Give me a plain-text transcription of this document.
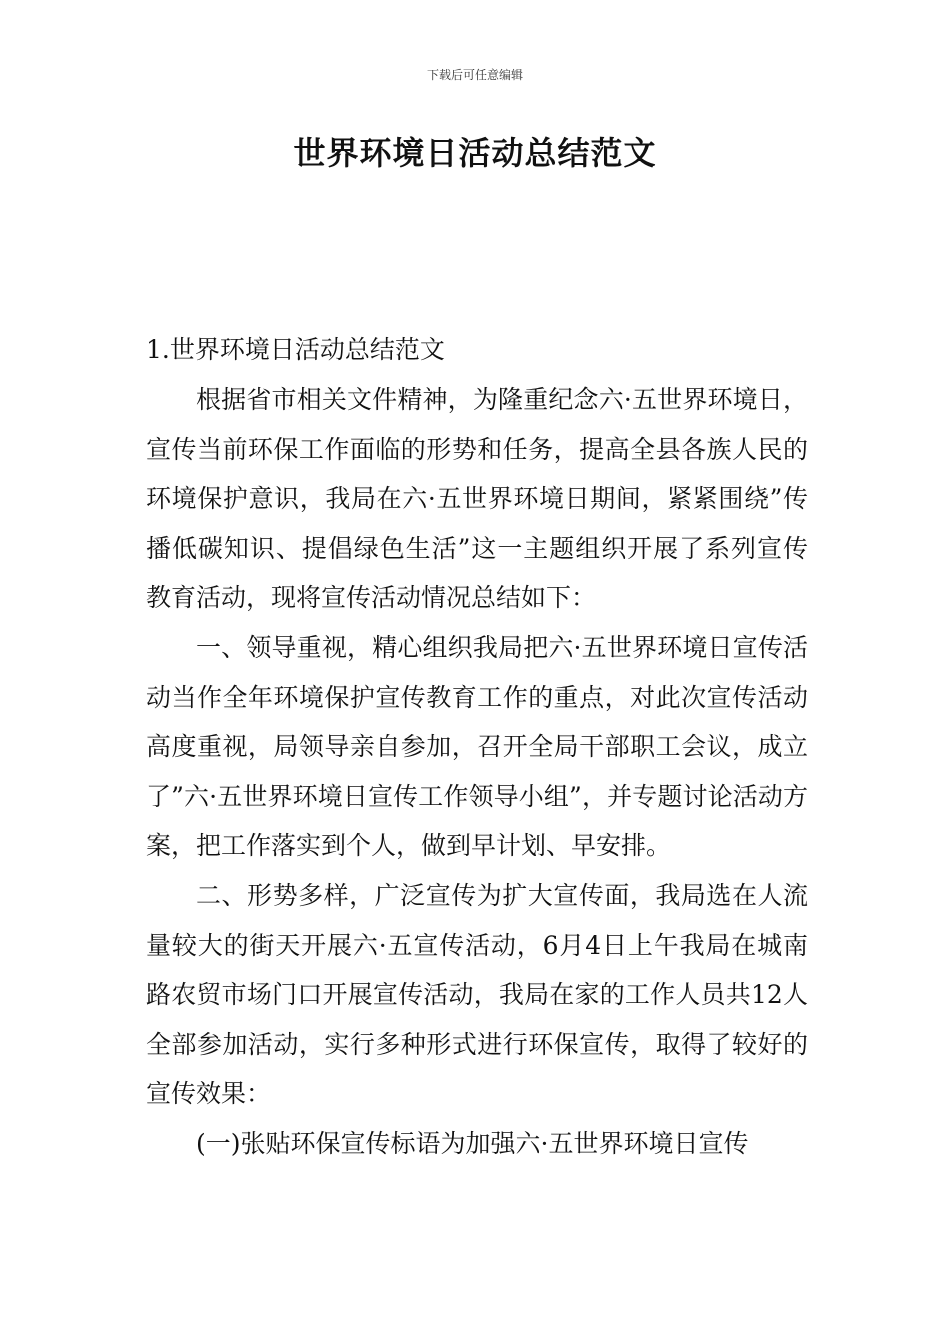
下载后可任意编辑
世界环境日活动总结范文

1.世界环境日活动总结范文

根据省市相关文件精神，为隆重纪念六·五世界环境日，宣传当前环保工作面临的形势和任务，提高全县各族人民的环境保护意识，我局在六·五世界环境日期间，紧紧围绕”传播低碳知识、提倡绿色生活”这一主题组织开展了系列宣传教育活动，现将宣传活动情况总结如下：

一、领导重视，精心组织我局把六·五世界环境日宣传活动当作全年环境保护宣传教育工作的重点，对此次宣传活动高度重视，局领导亲自参加，召开全局干部职工会议，成立了”六·五世界环境日宣传工作领导小组”，并专题讨论活动方案，把工作落实到个人，做到早计划、早安排。

二、形势多样，广泛宣传为扩大宣传面，我局选在人流量较大的街天开展六·五宣传活动，6月4日上午我局在城南路农贸市场门口开展宣传活动，我局在家的工作人员共12人全部参加活动，实行多种形式进行环保宣传，取得了较好的宣传效果：

(一)张贴环保宣传标语为加强六·五世界环境日宣传
